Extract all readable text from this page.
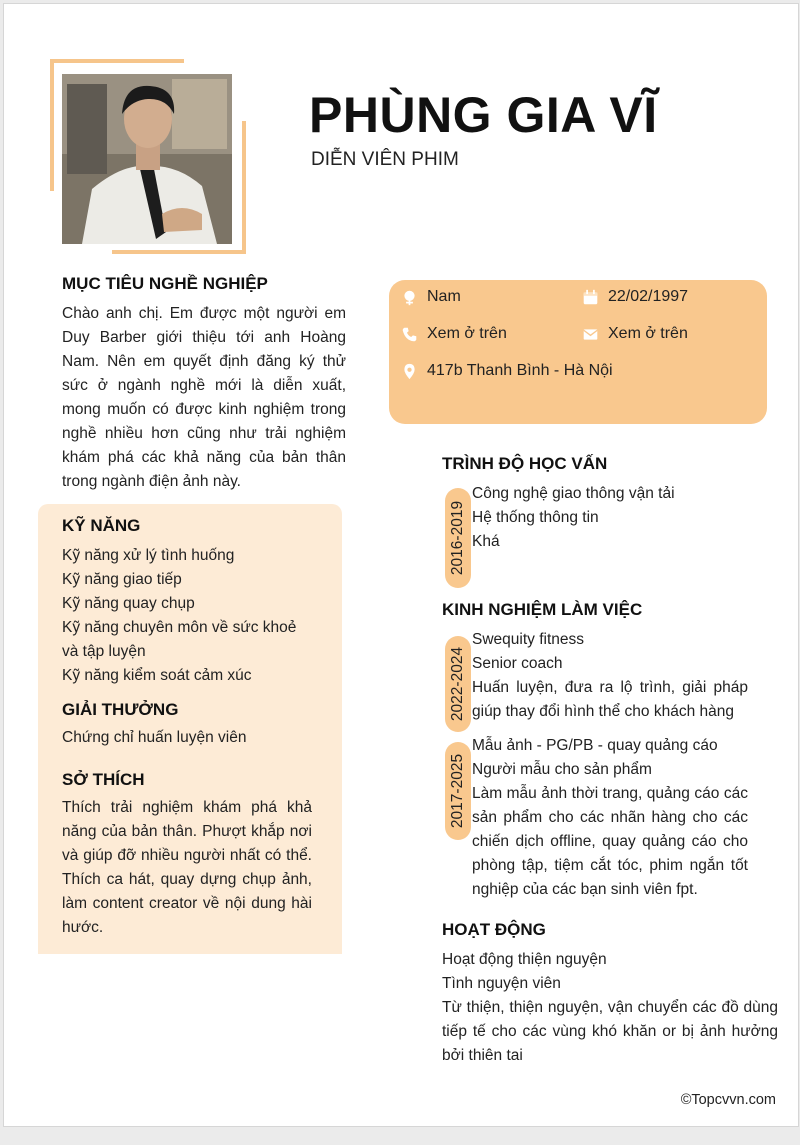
PHÙNG GIA VĨ
DIỄN VIÊN PHIM
MỤC TIÊU NGHỀ NGHIỆP
Chào anh chị. Em được một người em Duy Barber giới thiệu tới anh Hoàng Nam. Nên em quyết định đăng ký thử sức ở ngành nghề mới là diễn xuất, mong muốn có được kinh nghiệm trong nghề nhiều hơn cũng như trải nghiệm khám phá các khả năng của bản thân trong ngành điện ảnh này.
KỸ NĂNG
Kỹ năng xử lý tình huống
Kỹ năng giao tiếp
Kỹ năng quay chụp
Kỹ năng chuyên môn về sức khoẻ và tập luyện
Kỹ năng kiểm soát cảm xúc
GIẢI THƯỞNG
Chứng chỉ huấn luyện viên
SỞ THÍCH
Thích trải nghiệm khám phá khả năng của bản thân. Phượt khắp nơi và giúp đỡ nhiều người nhất có thể. Thích ca hát, quay dựng chụp ảnh, làm content creator về nội dung hài hước.
Nam	22/02/1997
Xem ở trên	Xem ở trên
417b Thanh Bình - Hà Nội
TRÌNH ĐỘ HỌC VẤN
2016-2019
Công nghệ giao thông vận tải
Hệ thống thông tin
Khá
KINH NGHIỆM LÀM VIỆC
2022-2024
Swequity fitness
Senior coach
Huấn luyện, đưa ra lộ trình, giải pháp giúp thay đổi hình thể cho khách hàng
2017-2025
Mẫu ảnh - PG/PB - quay quảng cáo
Người mẫu cho sản phẩm
Làm mẫu ảnh thời trang, quảng cáo các sản phẩm cho các nhãn hàng cho các chiến dịch offline, quay quảng cáo cho phòng tập, tiệm cắt tóc, phim ngắn tốt nghiệp của các bạn sinh viên fpt.
HOẠT ĐỘNG
Hoạt động thiện nguyện
Tình nguyện viên
Từ thiện, thiện nguyện, vận chuyển các đồ dùng tiếp tế cho các vùng khó khăn or bị ảnh hưởng bởi thiên tai
©Topcvvn.com
